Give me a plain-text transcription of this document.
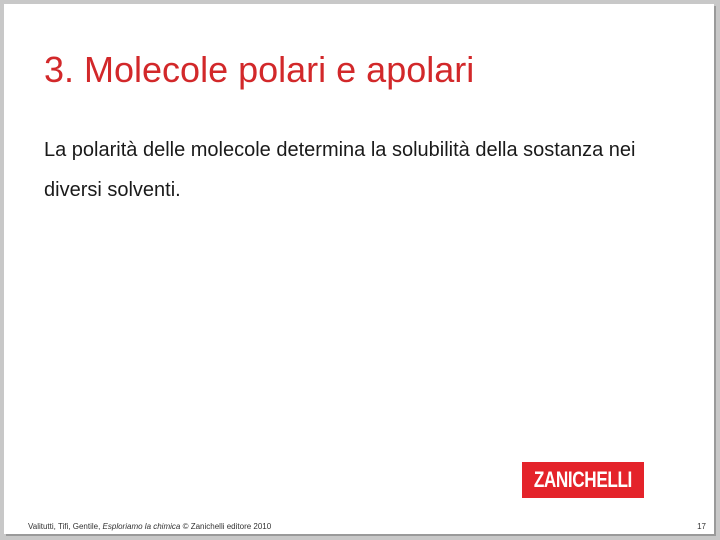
3. Molecole polari e apolari

La polarità delle molecole determina la solubilità della sostanza nei diversi solventi.

ZANICHELLI
Valitutti, Tifi, Gentile, Esploriamo la chimica © Zanichelli editore 2010	17
